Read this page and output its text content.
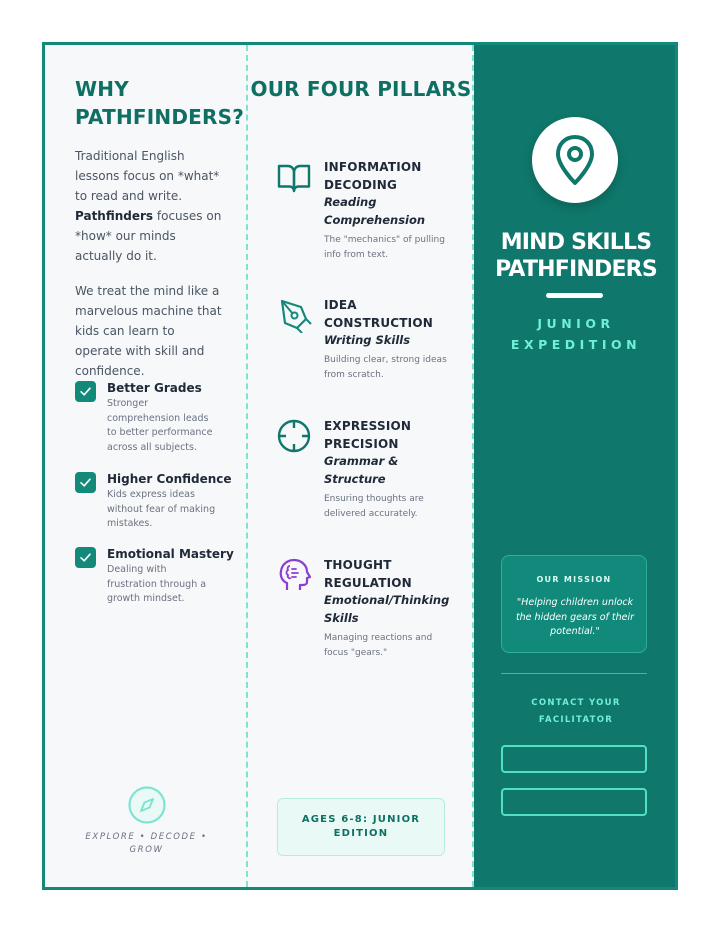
WHY PATHFINDERS?
Traditional English lessons focus on *what* to read and write. Pathfinders focuses on *how* our minds actually do it.
We treat the mind like a marvelous machine that kids can learn to operate with skill and confidence.
Better Grades
Stronger comprehension leads to better performance across all subjects.
Higher Confidence
Kids express ideas without fear of making mistakes.
Emotional Mastery
Dealing with frustration through a growth mindset.
EXPLORE • DECODE • GROW
OUR FOUR PILLARS
INFORMATION DECODING
Reading Comprehension
The "mechanics" of pulling info from text.
IDEA CONSTRUCTION
Writing Skills
Building clear, strong ideas from scratch.
EXPRESSION PRECISION
Grammar & Structure
Ensuring thoughts are delivered accurately.
THOUGHT REGULATION
Emotional/Thinking Skills
Managing reactions and focus "gears."
AGES 6-8: JUNIOR EDITION
MIND SKILLS
PATHFINDERS
JUNIOR
EXPEDITION
OUR MISSION
"Helping children unlock the hidden gears of their potential."
CONTACT YOUR FACILITATOR
